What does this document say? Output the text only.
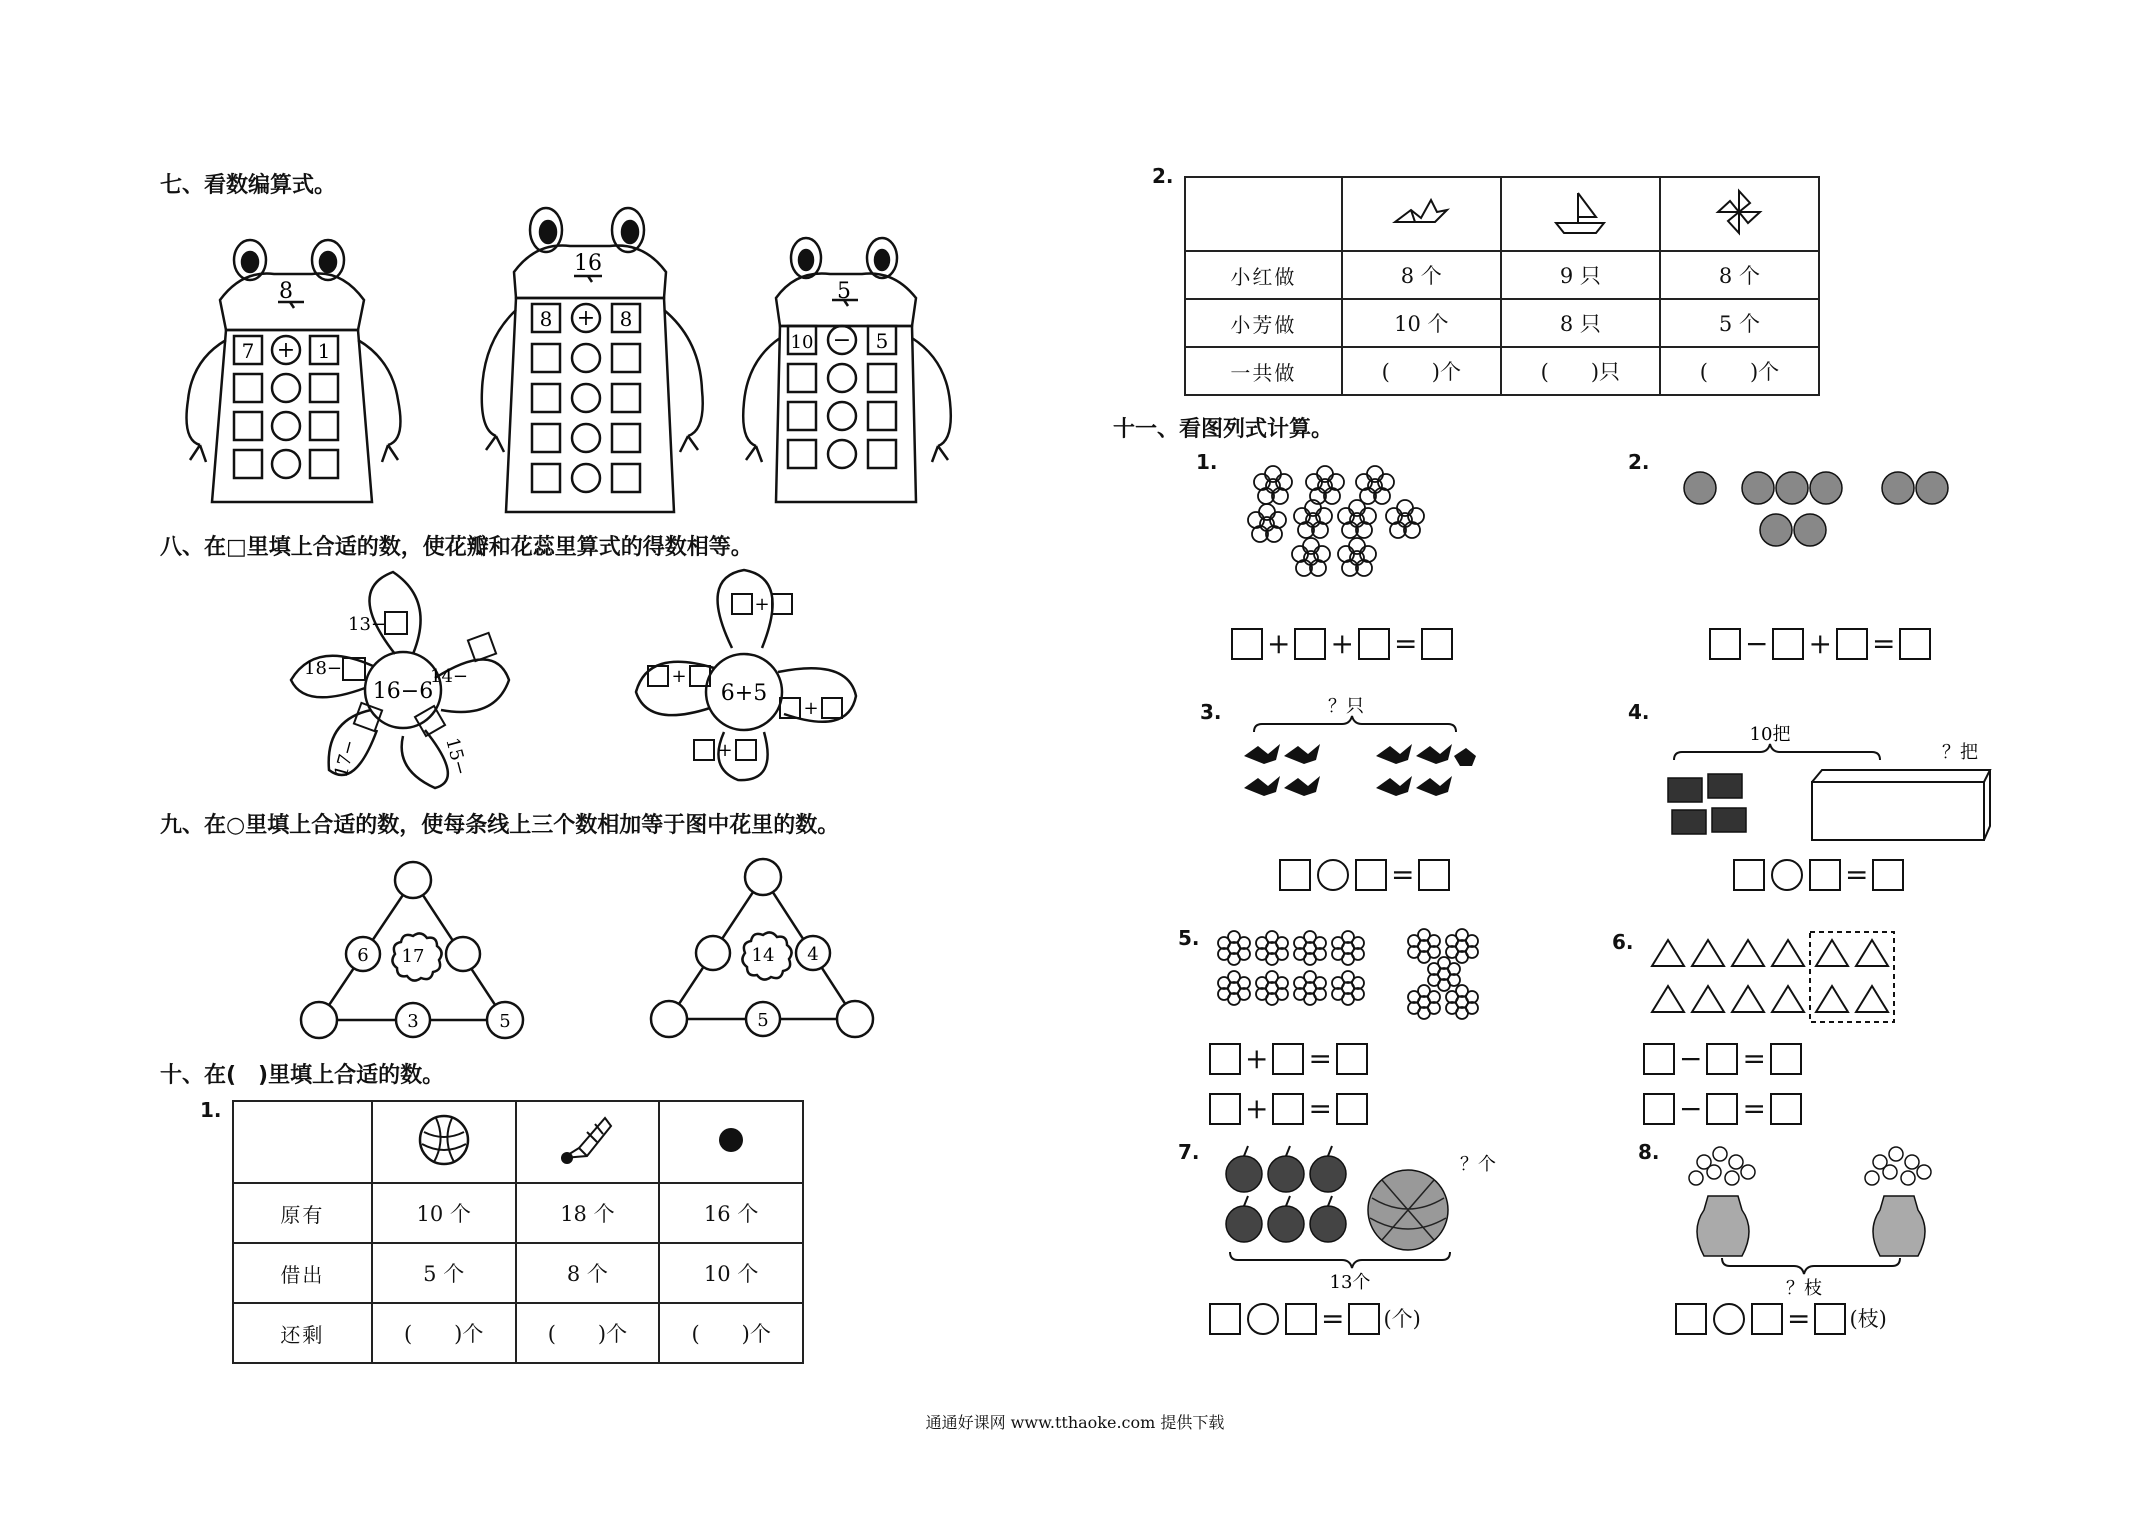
七、看数编算式。
8
7 + 1
16
8 + 8
5
10 − 5
八、在□里填上合适的数，使花瓣和花蕊里算式的得数相等。
16−6
13−
14−
18−
17−	15−
6+5
+
+
+
+
九、在○里填上合适的数，使每条线上三个数相加等于图中花里的数。
17
6
3	5
14 4
5
十、在(　)里填上合适的数。
1.

原有	10 个	18 个	16 个
借出	5 个	8 个	10 个
还剩	(　　)个	(　　)个	(　　)个
2.

小红做	8 个	9 只	8 个
小芳做	10 个	8 只	5 个
一共做	(　　)个	(　　)只	(　　)个
十一、看图列式计算。
1.
+ + =
2.
− + =
3.	？只
=
4.
10把
？把
=
5.
+ =
+ =
6.
− =
− =
7.
？个
13个
= (个)
8.
？枝
= (枝)
通通好课网 www.tthaoke.com 提供下载
